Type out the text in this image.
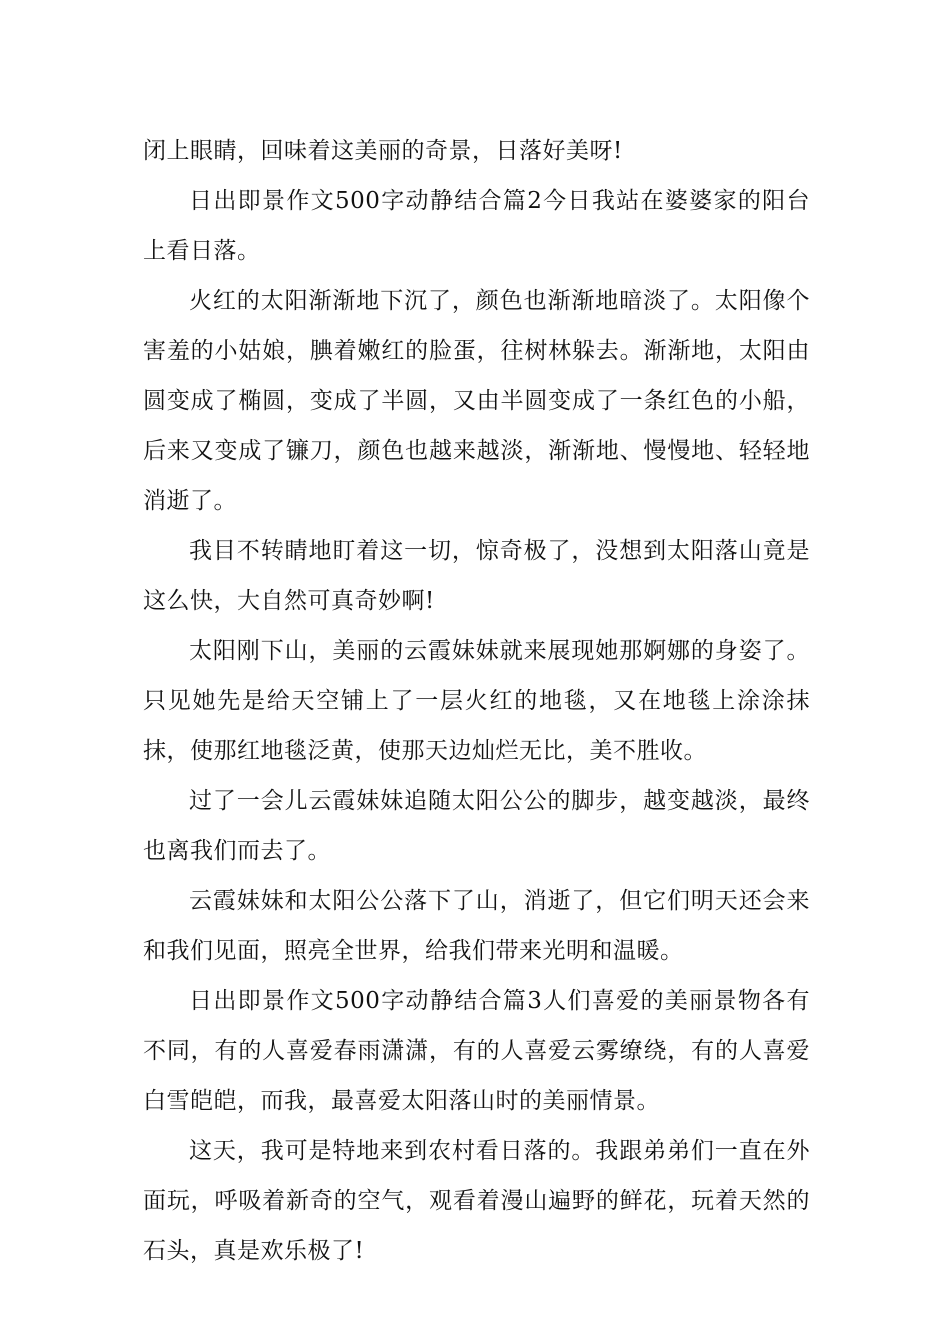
闭上眼睛，回味着这美丽的奇景，日落好美呀!

日出即景作文500字动静结合篇2今日我站在婆婆家的阳台上看日落。

火红的太阳渐渐地下沉了，颜色也渐渐地暗淡了。太阳像个害羞的小姑娘，腆着嫩红的脸蛋，往树林躲去。渐渐地，太阳由圆变成了椭圆，变成了半圆，又由半圆变成了一条红色的小船，后来又变成了镰刀，颜色也越来越淡，渐渐地、慢慢地、轻轻地消逝了。

我目不转睛地盯着这一切，惊奇极了，没想到太阳落山竟是这么快，大自然可真奇妙啊!

太阳刚下山，美丽的云霞妹妹就来展现她那婀娜的身姿了。只见她先是给天空铺上了一层火红的地毯，又在地毯上涂涂抹抹，使那红地毯泛黄，使那天边灿烂无比，美不胜收。

过了一会儿云霞妹妹追随太阳公公的脚步，越变越淡，最终也离我们而去了。

云霞妹妹和太阳公公落下了山，消逝了，但它们明天还会来和我们见面，照亮全世界，给我们带来光明和温暖。

日出即景作文500字动静结合篇3人们喜爱的美丽景物各有不同，有的人喜爱春雨潇潇，有的人喜爱云雾缭绕，有的人喜爱白雪皑皑，而我，最喜爱太阳落山时的美丽情景。

这天，我可是特地来到农村看日落的。我跟弟弟们一直在外面玩，呼吸着新奇的空气，观看着漫山遍野的鲜花，玩着天然的石头，真是欢乐极了!
